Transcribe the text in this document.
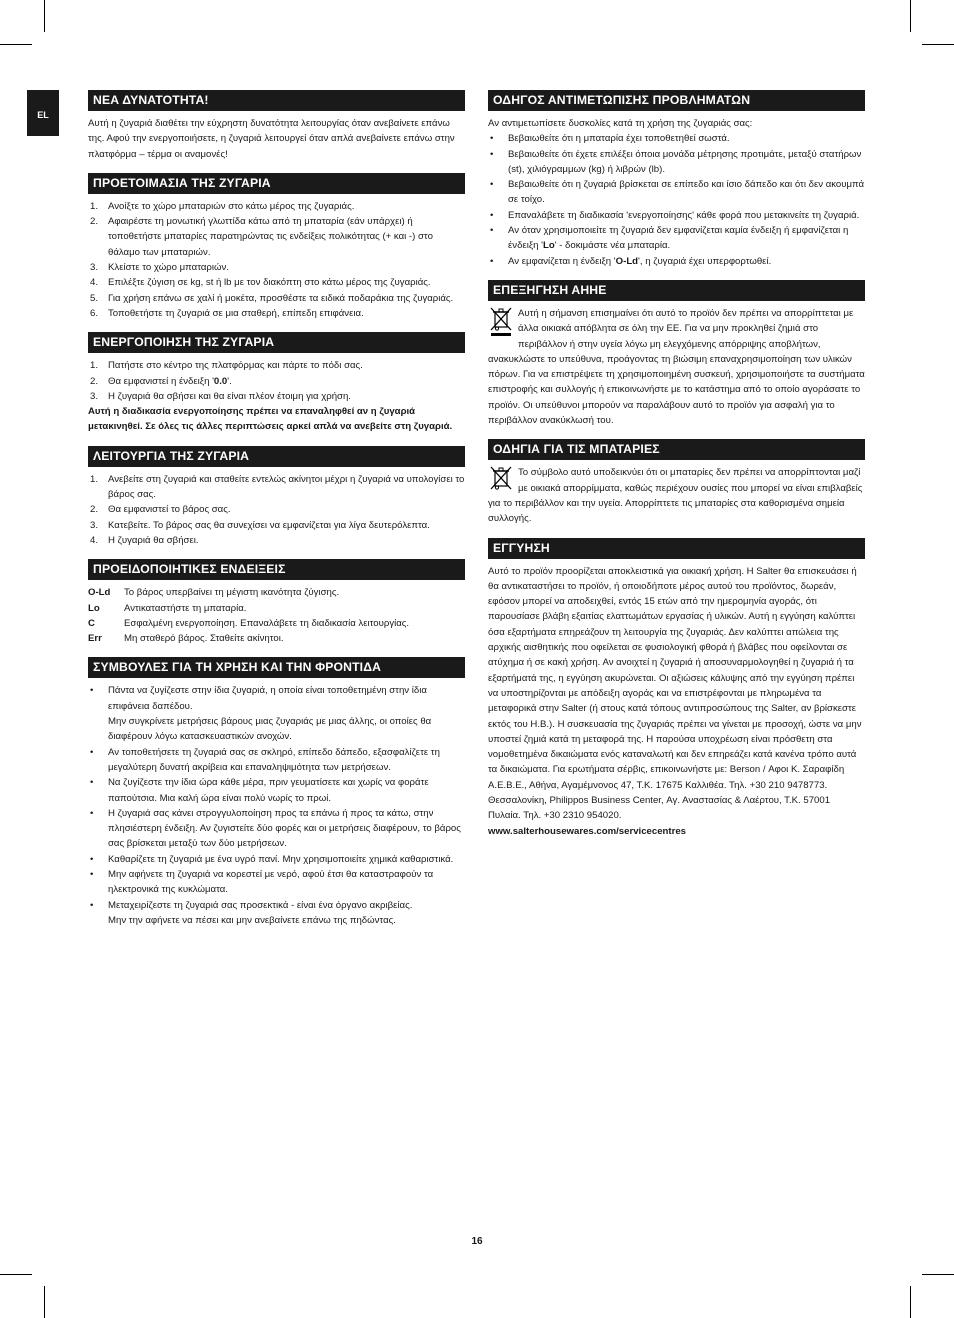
EL
ΝΕΑ ΔΥΝΑΤΟΤΗΤΑ!

Αυτή η ζυγαριά διαθέτει την εύχρηστη δυνατότητα λειτουργίας όταν ανεβαίνετε επάνω της. Αφού την ενεργοποιήσετε, η ζυγαριά λειτουργεί όταν απλά ανεβαίνετε επάνω στην πλατφόρμα – τέρμα οι αναμονές!

ΠΡΟΕΤΟΙΜΑΣΙΑ ΤΗΣ ΖΥΓΑΡΙΑ
1. Ανοίξτε το χώρο μπαταριών στο κάτω μέρος της ζυγαριάς.
2. Αφαιρέστε τη μονωτική γλωττίδα κάτω από τη μπαταρία (εάν υπάρχει) ή τοποθετήστε μπαταρίες παρατηρώντας τις ενδείξεις πολικότητας (+ και -) στο θάλαμο των μπαταριών.
3. Κλείστε το χώρο μπαταριών.
4. Επιλέξτε ζύγιση σε kg, st ή lb με τον διακόπτη στο κάτω μέρος της ζυγαριάς.
5. Για χρήση επάνω σε χαλί ή μοκέτα, προσθέστε τα ειδικά ποδαράκια της ζυγαριάς.
6. Τοποθετήστε τη ζυγαριά σε μια σταθερή, επίπεδη επιφάνεια.
ΕΝΕΡΓΟΠΟΙΗΣΗ ΤΗΣ ΖΥΓΑΡΙΑ
1. Πατήστε στο κέντρο της πλατφόρμας και πάρτε το πόδι σας.
2. Θα εμφανιστεί η ένδειξη '0.0'.
3. Η ζυγαριά θα σβήσει και θα είναι πλέον έτοιμη για χρήση.

Αυτή η διαδικασία ενεργοποίησης πρέπει να επαναληφθεί αν η ζυγαριά μετακινηθεί. Σε όλες τις άλλες περιπτώσεις αρκεί απλά να ανεβείτε στη ζυγαριά.

ΛΕΙΤΟΥΡΓΙΑ ΤΗΣ ΖΥΓΑΡΙΑ
1. Ανεβείτε στη ζυγαριά και σταθείτε εντελώς ακίνητοι μέχρι η ζυγαριά να υπολογίσει το βάρος σας.
2. Θα εμφανιστεί το βάρος σας.
3. Κατεβείτε. Το βάρος σας θα συνεχίσει να εμφανίζεται για λίγα δευτερόλεπτα.
4. Η ζυγαριά θα σβήσει.
ΠΡΟΕΙΔΟΠΟΙΗΤΙΚΕΣ ΕΝΔΕΙΞΕΙΣ
O-Ld	Το βάρος υπερβαίνει τη μέγιστη ικανότητα ζύγισης.
Lo	Αντικαταστήστε τη μπαταρία.
C	Εσφαλμένη ενεργοποίηση. Επαναλάβετε τη διαδικασία λειτουργίας.
Err	Μη σταθερό βάρος. Σταθείτε ακίνητοι.
ΣΥΜΒΟΥΛΕΣ ΓΙΑ ΤΗ ΧΡΗΣΗ ΚΑΙ ΤΗΝ ΦΡΟΝΤΙΔΑ
• Πάντα να ζυγίζεστε στην ίδια ζυγαριά, η οποία είναι τοποθετημένη στην ίδια επιφάνεια δαπέδου.
Μην συγκρίνετε μετρήσεις βάρους μιας ζυγαριάς με μιας άλλης, οι οποίες θα διαφέρουν λόγω κατασκευαστικών ανοχών.
• Αν τοποθετήσετε τη ζυγαριά σας σε σκληρό, επίπεδο δάπεδο, εξασφαλίζετε τη μεγαλύτερη δυνατή ακρίβεια και επαναληψιμότητα των μετρήσεων.
• Να ζυγίζεστε την ίδια ώρα κάθε μέρα, πριν γευματίσετε και χωρίς να φοράτε παπούτσια. Μια καλή ώρα είναι πολύ νωρίς το πρωί.
• Η ζυγαριά σας κάνει στρογγυλοποίηση προς τα επάνω ή προς τα κάτω, στην πλησιέστερη ένδειξη. Αν ζυγιστείτε δύο φορές και οι μετρήσεις διαφέρουν, το βάρος σας βρίσκεται μεταξύ των δύο μετρήσεων.
• Καθαρίζετε τη ζυγαριά με ένα υγρό πανί. Μην χρησιμοποιείτε χημικά καθαριστικά.
• Μην αφήνετε τη ζυγαριά να κορεστεί με νερό, αφού έτσι θα καταστραφούν τα ηλεκτρονικά της κυκλώματα.
• Μεταχειρίζεστε τη ζυγαριά σας προσεκτικά - είναι ένα όργανο ακριβείας.
Μην την αφήνετε να πέσει και μην ανεβαίνετε επάνω της πηδώντας.
ΟΔΗΓΟΣ ΑΝΤΙΜΕΤΩΠΙΣΗΣ ΠΡΟΒΛΗΜΑΤΩΝ

Αν αντιμετωπίσετε δυσκολίες κατά τη χρήση της ζυγαριάς σας:

• Βεβαιωθείτε ότι η μπαταρία έχει τοποθετηθεί σωστά.
• Βεβαιωθείτε ότι έχετε επιλέξει όποια μονάδα μέτρησης προτιμάτε, μεταξύ στατήρων (st), χιλιόγραμμων (kg) ή λιβρών (lb).
• Βεβαιωθείτε ότι η ζυγαριά βρίσκεται σε επίπεδο και ίσιο δάπεδο και ότι δεν ακουμπά σε τοίχο.
• Επαναλάβετε τη διαδικασία 'ενεργοποίησης' κάθε φορά που μετακινείτε τη ζυγαριά.
• Αν όταν χρησιμοποιείτε τη ζυγαριά δεν εμφανίζεται καμία ένδειξη ή εμφανίζεται η ένδειξη 'Lo' - δοκιμάστε νέα μπαταρία.
• Αν εμφανίζεται η ένδειξη 'O-Ld', η ζυγαριά έχει υπερφορτωθεί.
ΕΠΕΞΗΓΗΣΗ ΑΗΗΕ

Αυτή η σήμανση επισημαίνει ότι αυτό το προϊόν δεν πρέπει να απορρίπτεται με άλλα οικιακά απόβλητα σε όλη την ΕΕ. Για να μην προκληθεί ζημιά στο περιβάλλον ή στην υγεία λόγω μη ελεγχόμενης απόρριψης αποβλήτων, ανακυκλώστε το υπεύθυνα, προάγοντας τη βιώσιμη επαναχρησιμοποίηση των υλικών πόρων. Για να επιστρέψετε τη χρησιμοποιημένη συσκευή, χρησιμοποιήστε τα συστήματα επιστροφής και συλλογής ή επικοινωνήστε με το κατάστημα από το οποίο αγοράσατε το προϊόν. Οι υπεύθυνοι μπορούν να παραλάβουν αυτό το προϊόν για ασφαλή για το περιβάλλον ανακύκλωσή του.

ΟΔΗΓΙΑ ΓΙΑ ΤΙΣ ΜΠΑΤΑΡΙΕΣ

Το σύμβολο αυτό υποδεικνύει ότι οι μπαταρίες δεν πρέπει να απορρίπτονται μαζί με οικιακά απορρίμματα, καθώς περιέχουν ουσίες που μπορεί να είναι επιβλαβείς για το περιβάλλον και την υγεία. Απορρίπτετε τις μπαταρίες στα καθορισμένα σημεία συλλογής.

ΕΓΓΥΗΣΗ

Αυτό το προϊόν προορίζεται αποκλειστικά για οικιακή χρήση. Η Salter θα επισκευάσει ή θα αντικαταστήσει το προϊόν, ή οποιοδήποτε μέρος αυτού του προϊόντος, δωρεάν, εφόσον μπορεί να αποδειχθεί, εντός 15 ετών από την ημερομηνία αγοράς, ότι παρουσίασε βλάβη εξαιτίας ελαττωμάτων εργασίας ή υλικών. Αυτή η εγγύηση καλύπτει όσα εξαρτήματα επηρεάζουν τη λειτουργία της ζυγαριάς. Δεν καλύπτει απώλεια της αρχικής αισθητικής που οφείλεται σε φυσιολογική φθορά ή βλάβες που οφείλονται σε ατύχημα ή σε κακή χρήση. Αν ανοιχτεί η ζυγαριά ή αποσυναρμολογηθεί η ζυγαριά ή τα εξαρτήματά της, η εγγύηση ακυρώνεται. Οι αξιώσεις κάλυψης από την εγγύηση πρέπει να υποστηρίζονται με απόδειξη αγοράς και να επιστρέφονται με πληρωμένα τα μεταφορικά στην Salter (ή στους κατά τόπους αντιπροσώπους της Salter, αν βρίσκεστε εκτός του Η.Β.). Η συσκευασία της ζυγαριάς πρέπει να γίνεται με προσοχή, ώστε να μην υποστεί ζημιά κατά τη μεταφορά της. Η παρούσα υποχρέωση είναι πρόσθετη στα νομοθετημένα δικαιώματα ενός καταναλωτή και δεν επηρεάζει κατά κανένα τρόπο αυτά τα δικαιώματα. Για ερωτήματα σέρβις, επικοινωνήστε με: Berson / Αφοι Κ. Σαραφίδη Α.Ε.Β.Ε., Αθήνα, Αγαμέμνονος 47, Τ.Κ. 17675 Καλλιθέα. Τηλ. +30 210 9478773. Θεσσαλονίκη, Philippos Business Center, Αγ. Αναστασίας & Λαέρτου, Τ.Κ. 57001 Πυλαία. Τηλ. +30 2310 954020.

www.salterhousewares.com/servicecentres

16
